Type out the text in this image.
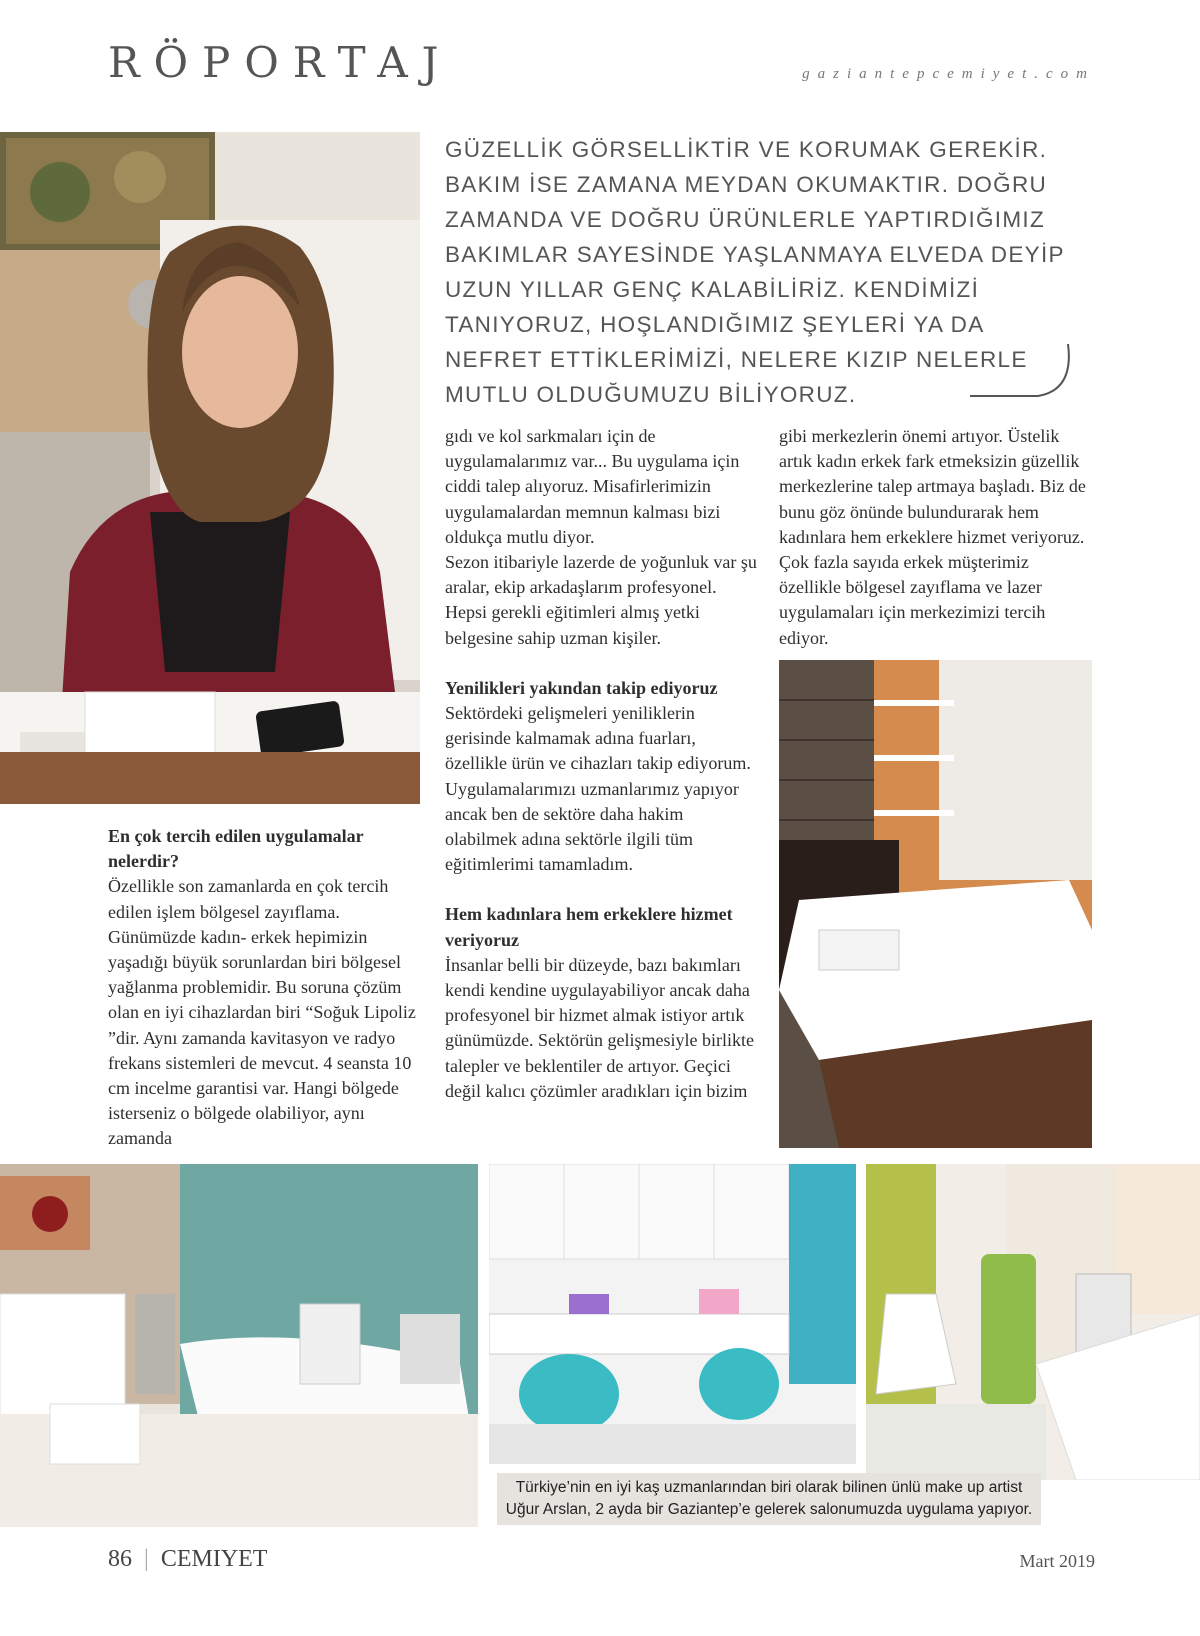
RÖPORTAJ	gaziantepcemiyet.com

GÜZELLİK GÖRSELLİKTİR VE KORUMAK GEREKİR. BAKIM İSE ZAMANA MEYDAN OKUMAKTIR. DOĞRU ZAMANDA VE DOĞRU ÜRÜNLERLE YAPTIRDIĞIMIZ BAKIMLAR SAYESİNDE YAŞLANMAYA ELVEDA DEYİP UZUN YILLAR GENÇ KALABİLİRİZ. KENDİMİZİ TANIYORUZ, HOŞLANDIĞIMIZ ŞEYLERİ YA DA NEFRET ETTİKLERİMİZİ, NELERE KIZIP NELERLE MUTLU OLDUĞUMUZU BİLİYORUZ.

En çok tercih edilen uygulamalar nelerdir?

Özellikle son zamanlarda en çok tercih edilen işlem bölgesel zayıflama. Günümüzde kadın- erkek hepimizin yaşadığı büyük sorunlardan biri bölgesel yağlanma problemidir. Bu soruna çözüm olan en iyi cihazlardan biri “Soğuk Lipoliz ”dir. Aynı zamanda kavitasyon ve radyo frekans sistemleri de mevcut. 4 seansta 10 cm incelme garantisi var. Hangi bölgede isterseniz o bölgede olabiliyor, aynı zamanda

gıdı ve kol sarkmaları için de uygulamalarımız var... Bu uygulama için ciddi talep alıyoruz. Misafirlerimizin uygulamalardan memnun kalması bizi oldukça mutlu diyor.

Sezon itibariyle lazerde de yoğunluk var şu aralar, ekip arkadaşlarım profesyonel. Hepsi gerekli eğitimleri almış yetki belgesine sahip uzman kişiler.

Yenilikleri yakından takip ediyoruz

Sektördeki gelişmeleri yeniliklerin gerisinde kalmamak adına fuarları, özellikle ürün ve cihazları takip ediyorum. Uygulamalarımızı uzmanlarımız yapıyor ancak ben de sektöre daha hakim olabilmek adına sektörle ilgili tüm eğitimlerimi tamamladım.

Hem kadınlara hem erkeklere hizmet veriyoruz

İnsanlar belli bir düzeyde, bazı bakımları kendi kendine uygulayabiliyor ancak daha profesyonel bir hizmet almak istiyor artık günümüzde. Sektörün gelişmesiyle birlikte talepler ve beklentiler de artıyor. Geçici değil kalıcı çözümler aradıkları için bizim

gibi merkezlerin önemi artıyor. Üstelik artık kadın erkek fark etmeksizin güzellik merkezlerine talep artmaya başladı. Biz de bunu göz önünde bulundurarak hem kadınlara hem erkeklere hizmet veriyoruz. Çok fazla sayıda erkek müşterimiz özellikle bölgesel zayıflama ve lazer uygulamaları için merkezimizi tercih ediyor.

Türkiye’nin en iyi kaş uzmanlarından biri olarak bilinen ünlü make up artist Uğur Arslan, 2 ayda bir Gaziantep’e gelerek salonumuzda uygulama yapıyor.
86 | CEMIYET	Mart 2019
